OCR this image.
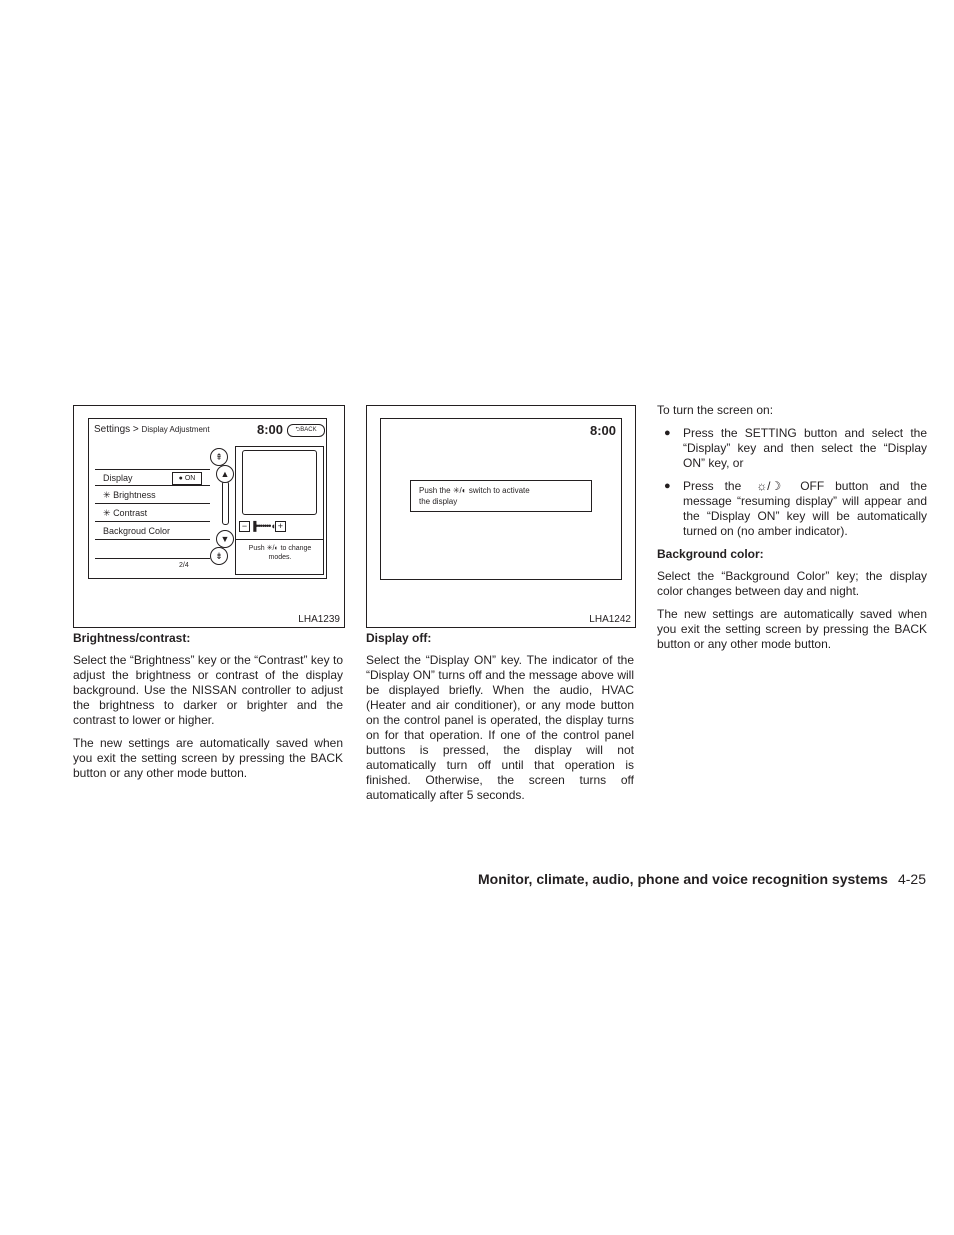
Settings > Display Adjustment	8:00	⮌BACK
Display	● ON
✳ Brightness
✳ Contrast
Backgroud Color
2/4
⇞
▲
▼
⇟
− ▐•••••••◖ +
Push ✳/◐ to change
modes.
LHA1239
8:00
Push the ✳/◐ switch to activate
the display
LHA1242
Brightness/contrast:

Select the “Brightness” key or the “Contrast” key to adjust the brightness or contrast of the display background. Use the NISSAN controller to adjust the brightness to darker or brighter and the contrast to lower or higher.

The new settings are automatically saved when you exit the setting screen by pressing the BACK button or any other mode button.

Display off:

Select the “Display ON” key. The indicator of the “Display ON” turns off and the message above will be displayed briefly. When the audio, HVAC (Heater and air conditioner), or any mode button on the control panel is operated, the display turns on for that operation. If one of the control panel buttons is pressed, the display will not automatically turn off until that operation is finished. Otherwise, the screen turns off automatically after 5 seconds.

To turn the screen on:

● Press the SETTING button and select the “Display” key and then select the “Display ON” key, or
● Press the ☼/☽ OFF button and the message “resuming display” will appear and the “Display ON” key will be automatically turned on (no amber indicator).
Background color:

Select the “Background Color” key; the display color changes between day and night.

The new settings are automatically saved when you exit the setting screen by pressing the BACK button or any other mode button.

Monitor, climate, audio, phone and voice recognition systems 4-25
